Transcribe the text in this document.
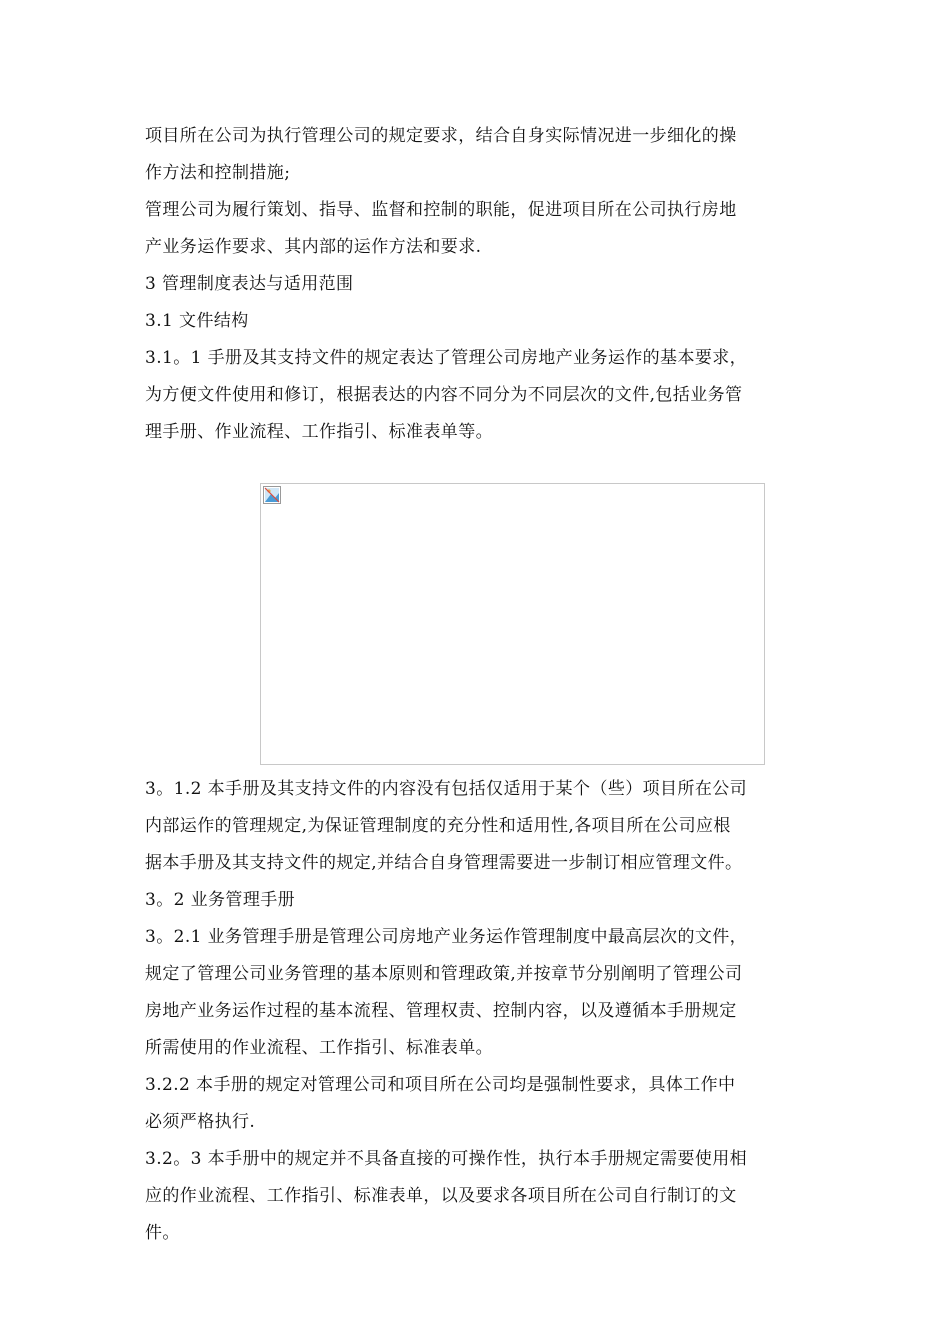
项目所在公司为执行管理公司的规定要求，结合自身实际情况进一步细化的操

作方法和控制措施;

管理公司为履行策划、指导、监督和控制的职能，促进项目所在公司执行房地

产业务运作要求、其内部的运作方法和要求.

3 管理制度表达与适用范围

3.1 文件结构

3.1。1 手册及其支持文件的规定表达了管理公司房地产业务运作的基本要求，

为方便文件使用和修订，根据表达的内容不同分为不同层次的文件,包括业务管

理手册、作业流程、工作指引、标准表单等。

3。1.2 本手册及其支持文件的内容没有包括仅适用于某个（些）项目所在公司

内部运作的管理规定,为保证管理制度的充分性和适用性,各项目所在公司应根

据本手册及其支持文件的规定,并结合自身管理需要进一步制订相应管理文件。

3。2 业务管理手册

3。2.1 业务管理手册是管理公司房地产业务运作管理制度中最高层次的文件，

规定了管理公司业务管理的基本原则和管理政策,并按章节分别阐明了管理公司

房地产业务运作过程的基本流程、管理权责、控制内容，以及遵循本手册规定

所需使用的作业流程、工作指引、标准表单。

3.2.2 本手册的规定对管理公司和项目所在公司均是强制性要求，具体工作中

必须严格执行.

3.2。3 本手册中的规定并不具备直接的可操作性，执行本手册规定需要使用相

应的作业流程、工作指引、标准表单，以及要求各项目所在公司自行制订的文

件。
